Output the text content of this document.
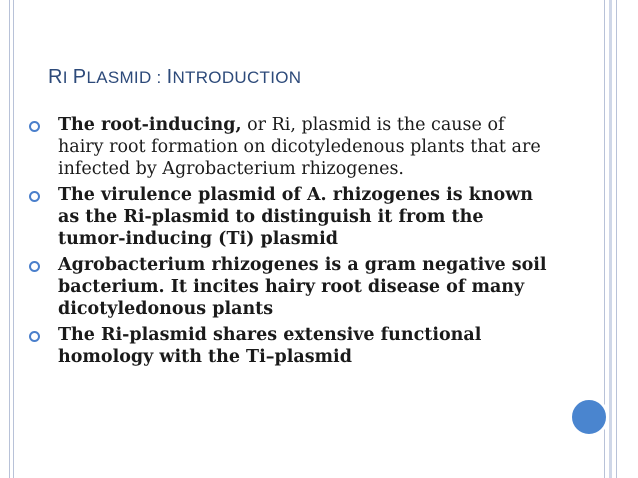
RI PLASMID : INTRODUCTION
The root-inducing, or Ri, plasmid is the cause of hairy root formation on dicotyledenous plants that are infected by Agrobacterium rhizogenes.
The virulence plasmid of A. rhizogenes is known as the Ri-plasmid to distinguish it from the tumor-inducing (Ti) plasmid
Agrobacterium rhizogenes is a gram negative soil bacterium. It incites hairy root disease of many dicotyledonous plants
The Ri-plasmid shares extensive functional homology with the Ti–plasmid
